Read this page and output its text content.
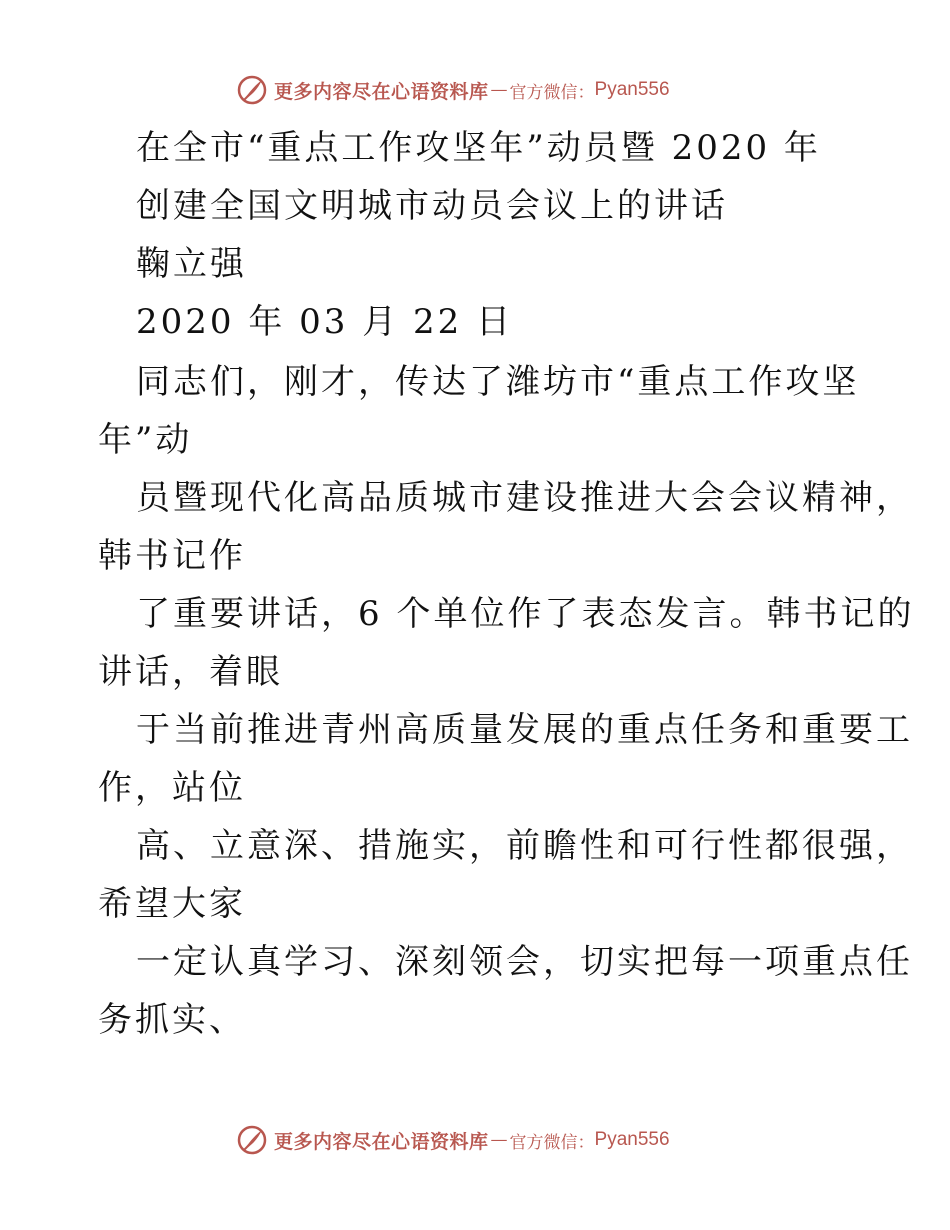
更多内容尽在心语资料库 — 官方微信： Pyan556
在全市“重点工作攻坚年”动员暨 2020 年
创建全国文明城市动员会议上的讲话
鞠立强
2020 年 03 月 22 日
同志们，刚才，传达了潍坊市“重点工作攻坚
年”动
员暨现代化高品质城市建设推进大会会议精神，
韩书记作
了重要讲话，6 个单位作了表态发言。韩书记的
讲话，着眼
于当前推进青州高质量发展的重点任务和重要工
作，站位
高、立意深、措施实，前瞻性和可行性都很强，
希望大家
一定认真学习、深刻领会，切实把每一项重点任
务抓实、
更多内容尽在心语资料库 — 官方微信： Pyan556
